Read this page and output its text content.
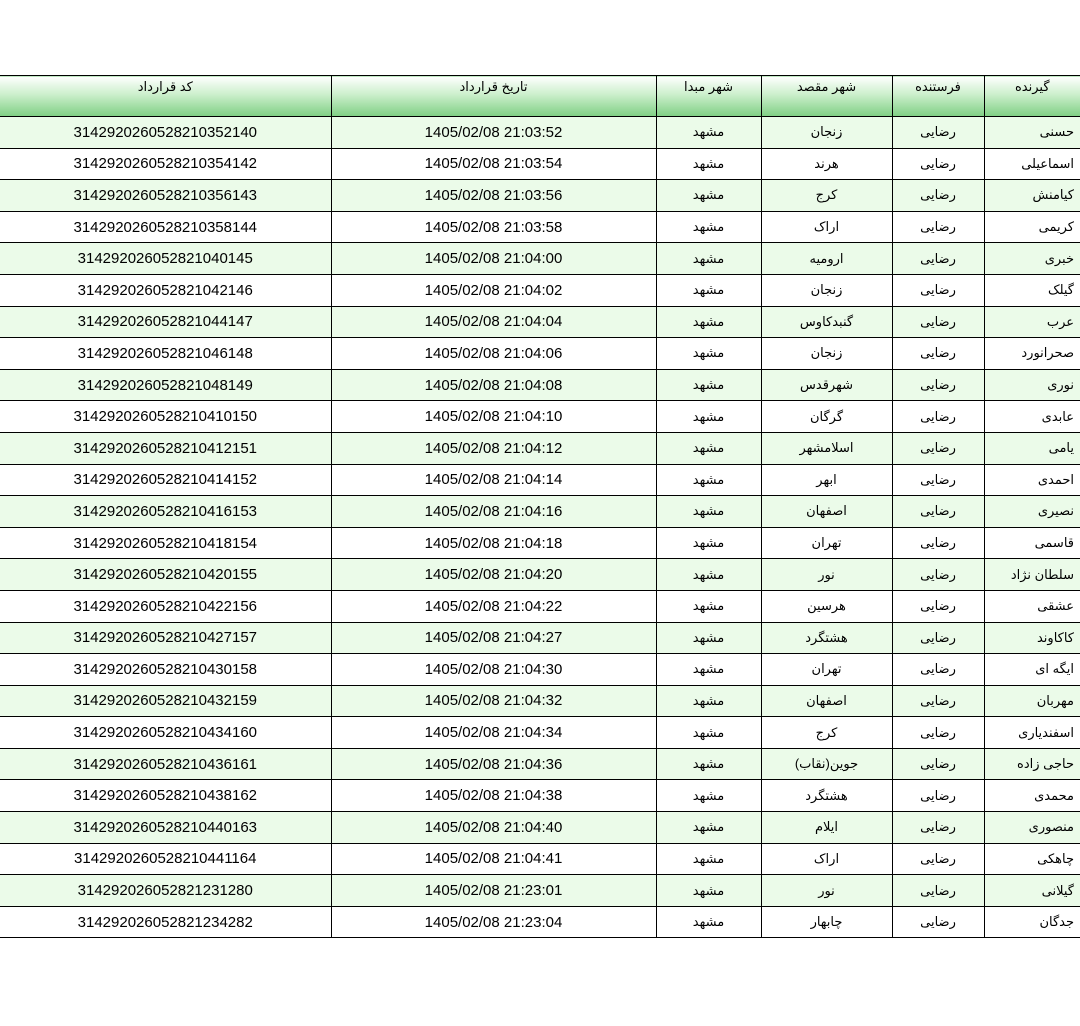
کد قرارداد	تاریخ قرارداد	شهر مبدا	شهر مقصد	فرستنده	گیرنده
31429202605282103521​40	1405/02/08 21:03:52	مشهد	زنجان	رضایی	حسنی
3142920260528210354142	1405/02/08 21:03:54	مشهد	هرند	رضایی	اسماعیلی
3142920260528210356143	1405/02/08 21:03:56	مشهد	کرج	رضایی	کیامنش
3142920260528210358144	1405/02/08 21:03:58	مشهد	اراک	رضایی	کریمی
314292026052821040145	1405/02/08 21:04:00	مشهد	ارومیه	رضایی	خبری
314292026052821042146	1405/02/08 21:04:02	مشهد	زنجان	رضایی	گیلک
314292026052821044147	1405/02/08 21:04:04	مشهد	گنبدکاوس	رضایی	عرب
314292026052821046148	1405/02/08 21:04:06	مشهد	زنجان	رضایی	صحرانورد
314292026052821048149	1405/02/08 21:04:08	مشهد	شهرقدس	رضایی	نوری
3142920260528210410150	1405/02/08 21:04:10	مشهد	گرگان	رضایی	عابدی
3142920260528210412151	1405/02/08 21:04:12	مشهد	اسلامشهر	رضایی	یامی
3142920260528210414152	1405/02/08 21:04:14	مشهد	ابهر	رضایی	احمدی
3142920260528210416153	1405/02/08 21:04:16	مشهد	اصفهان	رضایی	نصیری
3142920260528210418154	1405/02/08 21:04:18	مشهد	تهران	رضایی	قاسمی
3142920260528210420155	1405/02/08 21:04:20	مشهد	نور	رضایی	سلطان نژاد
3142920260528210422156	1405/02/08 21:04:22	مشهد	هرسین	رضایی	عشقی
3142920260528210427157	1405/02/08 21:04:27	مشهد	هشتگرد	رضایی	کاکاوند
3142920260528210430158	1405/02/08 21:04:30	مشهد	تهران	رضایی	ایگه ای
3142920260528210432159	1405/02/08 21:04:32	مشهد	اصفهان	رضایی	مهربان
3142920260528210434160	1405/02/08 21:04:34	مشهد	کرج	رضایی	اسفندیاری
3142920260528210436161	1405/02/08 21:04:36	مشهد	جوین(نقاب)	رضایی	حاجی زاده
3142920260528210438162	1405/02/08 21:04:38	مشهد	هشتگرد	رضایی	محمدی
3142920260528210440163	1405/02/08 21:04:40	مشهد	ایلام	رضایی	منصوری
3142920260528210441164	1405/02/08 21:04:41	مشهد	اراک	رضایی	چاهکی
314292026052821231280	1405/02/08 21:23:01	مشهد	نور	رضایی	گیلانی
314292026052821234282	1405/02/08 21:23:04	مشهد	چابهار	رضایی	جدگان
